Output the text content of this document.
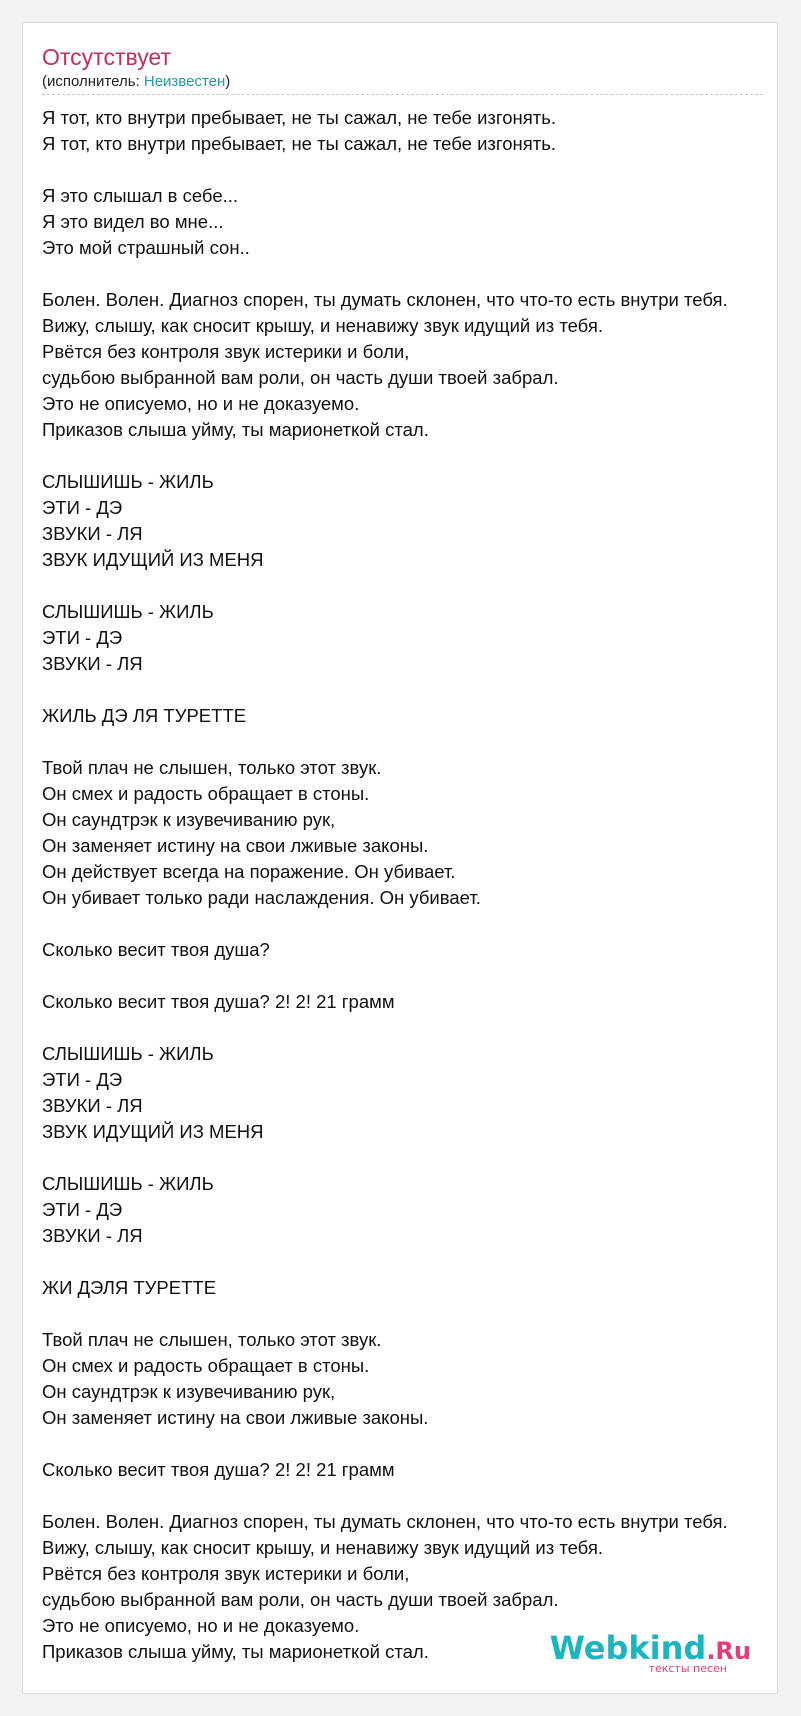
Отсутствует
(исполнитель: Неизвестен)
Я тот, кто внутри пребывает, не ты сажал, не тебе изгонять.
Я тот, кто внутри пребывает, не ты сажал, не тебе изгонять.
Я это слышал в себе...
Я это видел во мне...
Это мой страшный сон..
Болен. Волен. Диагноз спорен, ты думать склонен, что что-то есть внутри тебя.
Вижу, слышу, как сносит крышу, и ненавижу звук идущий из тебя.
Рвётся без контроля звук истерики и боли,
судьбою выбранной вам роли, он часть души твоей забрал.
Это не описуемо, но и не доказуемо.
Приказов слыша уйму, ты марионеткой стал.
СЛЫШИШЬ - ЖИЛЬ
ЭТИ - ДЭ
ЗВУКИ - ЛЯ
ЗВУК ИДУЩИЙ ИЗ МЕНЯ
СЛЫШИШЬ - ЖИЛЬ
ЭТИ - ДЭ
ЗВУКИ - ЛЯ
ЖИЛЬ ДЭ ЛЯ ТУРЕТТЕ
Твой плач не слышен, только этот звук.
Он смех и радость обращает в стоны.
Он саундтрэк к изувечиванию рук,
Он заменяет истину на свои лживые законы.
Он действует всегда на поражение. Он убивает.
Он убивает только ради наслаждения. Он убивает.
Сколько весит твоя душа?
Сколько весит твоя душа? 2! 2! 21 грамм
СЛЫШИШЬ - ЖИЛЬ
ЭТИ - ДЭ
ЗВУКИ - ЛЯ
ЗВУК ИДУЩИЙ ИЗ МЕНЯ
СЛЫШИШЬ - ЖИЛЬ
ЭТИ - ДЭ
ЗВУКИ - ЛЯ
ЖИ ДЭЛЯ ТУРЕТТЕ
Твой плач не слышен, только этот звук.
Он смех и радость обращает в стоны.
Он саундтрэк к изувечиванию рук,
Он заменяет истину на свои лживые законы.
Сколько весит твоя душа? 2! 2! 21 грамм
Болен. Волен. Диагноз спорен, ты думать склонен, что что-то есть внутри тебя.
Вижу, слышу, как сносит крышу, и ненавижу звук идущий из тебя.
Рвётся без контроля звук истерики и боли,
судьбою выбранной вам роли, он часть души твоей забрал.
Это не описуемо, но и не доказуемо.
Приказов слыша уйму, ты марионеткой стал.	Webkind.Ru
тексты песен
